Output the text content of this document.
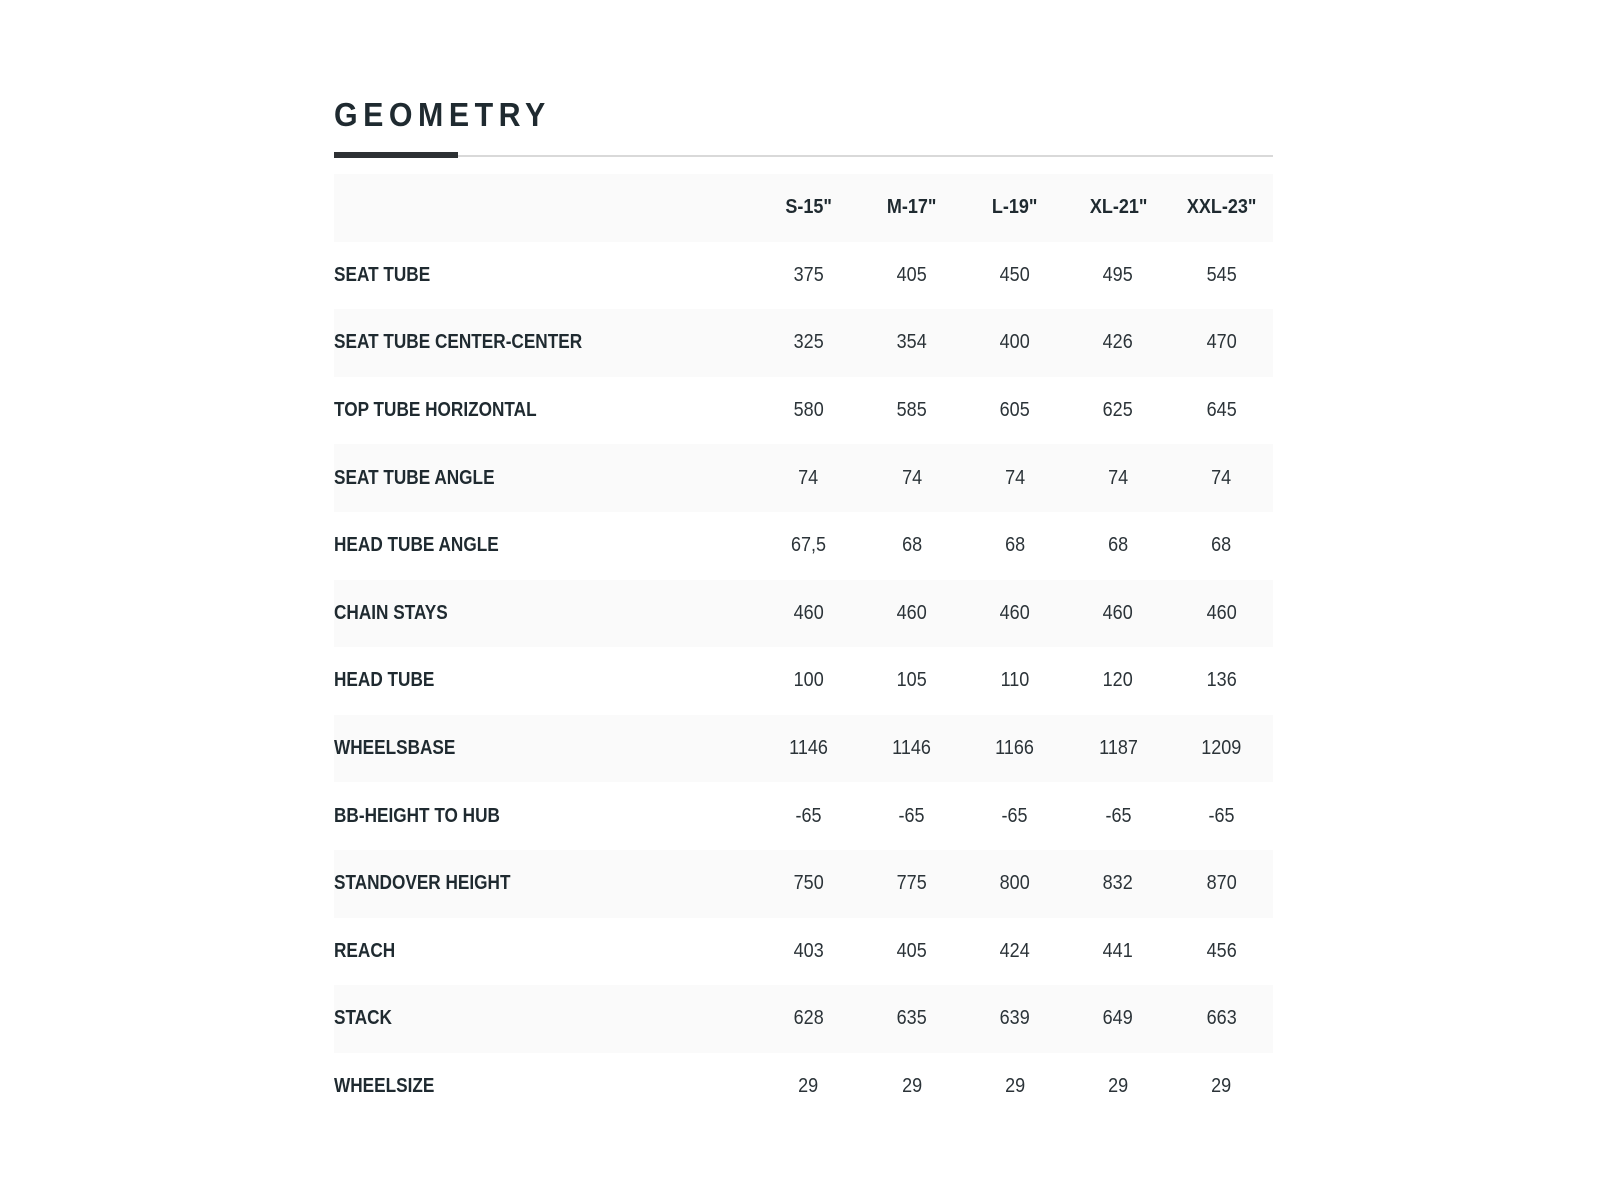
GEOMETRY
	S-15"	M-17"	L-19"	XL-21"	XXL-23"
SEAT TUBE	375	405	450	495	545
SEAT TUBE CENTER-CENTER	325	354	400	426	470
TOP TUBE HORIZONTAL	580	585	605	625	645
SEAT TUBE ANGLE	74	74	74	74	74
HEAD TUBE ANGLE	67,5	68	68	68	68
CHAIN STAYS	460	460	460	460	460
HEAD TUBE	100	105	110	120	136
WHEELSBASE	1146	1146	1166	1187	1209
BB-HEIGHT TO HUB	-65	-65	-65	-65	-65
STANDOVER HEIGHT	750	775	800	832	870
REACH	403	405	424	441	456
STACK	628	635	639	649	663
WHEELSIZE	29	29	29	29	29
